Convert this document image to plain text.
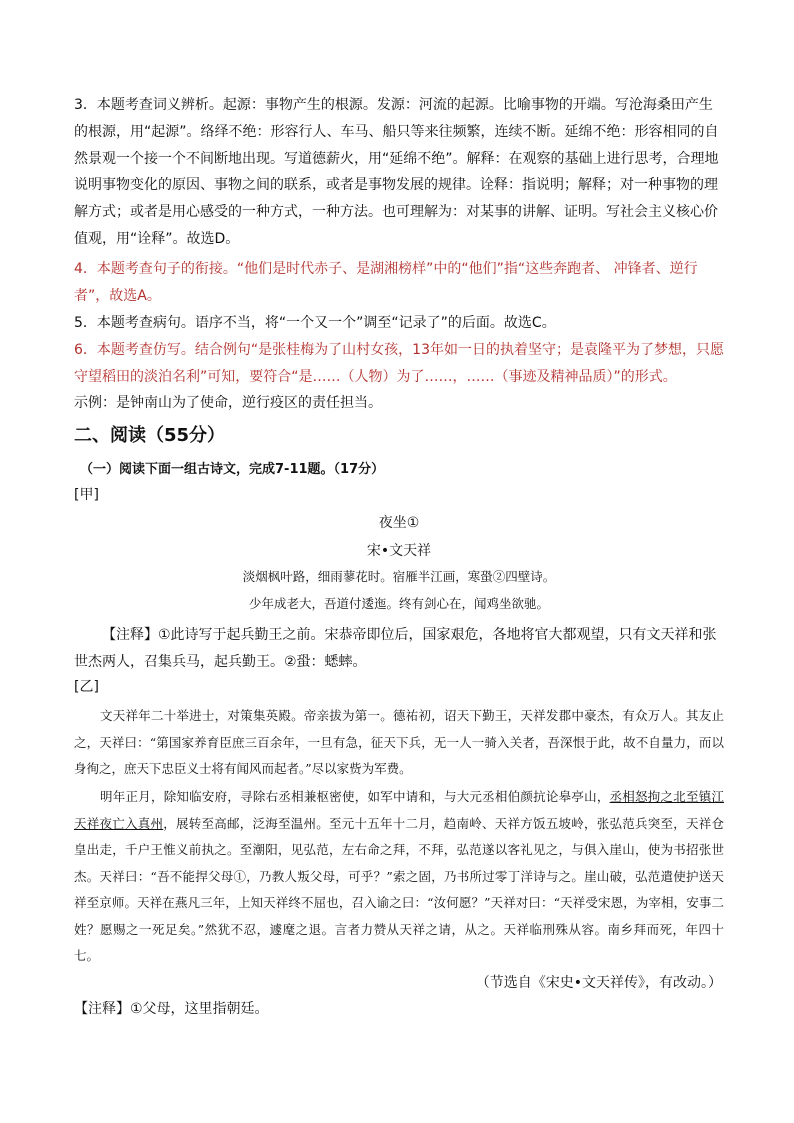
3．本题考查词义辨析。起源：事物产生的根源。发源：河流的起源。比喻事物的开端。写沧海桑田产生的根源，用“起源”。络绎不绝：形容行人、车马、船只等来往频繁，连续不断。延绵不绝：形容相同的自然景观一个接一个不间断地出现。写道德薪火，用“延绵不绝”。解释：在观察的基础上进行思考，合理地说明事物变化的原因、事物之间的联系，或者是事物发展的规律。诠释：指说明；解释；对一种事物的理解方式；或者是用心感受的一种方式，一种方法。也可理解为：对某事的讲解、证明。写社会主义核心价值观，用“诠释”。故选D。

4．本题考查句子的衔接。“他们是时代赤子、是湖湘榜样”中的“他们”指“这些奔跑者、 冲锋者、逆行者”，故选A。

5．本题考查病句。语序不当，将“一个又一个”调至“记录了”的后面。故选C。

6．本题考查仿写。结合例句“是张桂梅为了山村女孩，13年如一日的执着坚守；是袁隆平为了梦想，只愿守望稻田的淡泊名利”可知，要符合“是……（人物）为了……，……（事迹及精神品质）”的形式。

示例：是钟南山为了使命，逆行疫区的责任担当。

二、阅读（55分）

（一）阅读下面一组古诗文，完成7-11题。（17分）

[甲]

夜坐①

宋•文天祥

淡烟枫叶路，细雨蓼花时。宿雁半江画，寒蛩②四壁诗。

少年成老大，吾道付逶迤。终有剑心在，闻鸡坐欲驰。

【注释】①此诗写于起兵勤王之前。宋恭帝即位后，国家艰危，各地将官大都观望，只有文天祥和张世杰两人，召集兵马，起兵勤王。②蛩：蟋蟀。

[乙]

文天祥年二十举进士，对策集英殿。帝亲拔为第一。德祐初，诏天下勤王，天祥发郡中豪杰，有众万人。其友止之，天祥曰：“第国家养育臣庶三百余年，一旦有急，征天下兵，无一人一骑入关者，吾深恨于此，故不自量力，而以身徇之，庶天下忠臣义士将有闻风而起者。”尽以家赀为军费。

明年正月，除知临安府，寻除右丞相兼枢密使，如军中请和，与大元丞相伯颜抗论皋亭山，丞相怒拘之北至镇江天祥夜亡入真州，展转至高邮，泛海至温州。至元十五年十二月，趋南岭、天祥方饭五坡岭，张弘范兵突至，天祥仓皇出走，千户王惟义前执之。至潮阳，见弘范，左右命之拜，不拜，弘范遂以客礼见之，与俱入崖山，使为书招张世杰。天祥曰：“吾不能捍父母①，乃教人叛父母，可乎？”索之固，乃书所过零丁洋诗与之。崖山破，弘范遣使护送天祥至京师。天祥在燕凡三年，上知天祥终不屈也，召入谕之曰：“汝何愿？”天祥对曰：“天祥受宋恩，为宰相，安事二姓？愿赐之一死足矣。”然犹不忍，遽麾之退。言者力赞从天祥之请，从之。天祥临刑殊从容。南乡拜而死，年四十七。

（节选自《宋史•文天祥传》，有改动。）

【注释】①父母，这里指朝廷。
